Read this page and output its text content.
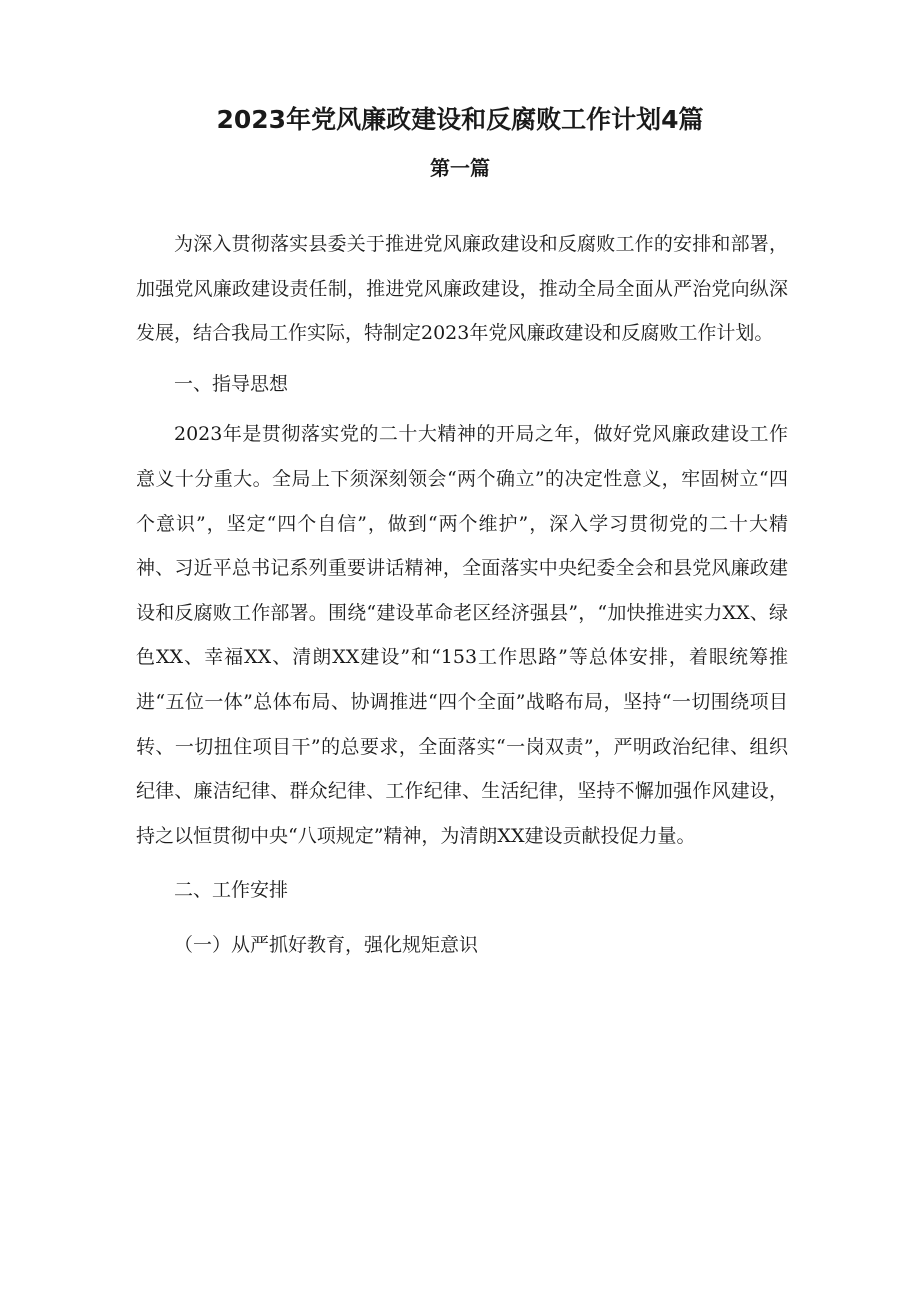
2023年党风廉政建设和反腐败工作计划4篇
第一篇

为深入贯彻落实县委关于推进党风廉政建设和反腐败工作的安排和部署，加强党风廉政建设责任制，推进党风廉政建设，推动全局全面从严治党向纵深发展，结合我局工作实际，特制定2023年党风廉政建设和反腐败工作计划。

一、指导思想

2023年是贯彻落实党的二十大精神的开局之年，做好党风廉政建设工作意义十分重大。全局上下须深刻领会“两个确立”的决定性意义，牢固树立“四个意识”，坚定“四个自信”，做到“两个维护”，深入学习贯彻党的二十大精神、习近平总书记系列重要讲话精神，全面落实中央纪委全会和县党风廉政建设和反腐败工作部署。围绕“建设革命老区经济强县”，“加快推进实力XX、绿色XX、幸福XX、清朗XX建设”和“153工作思路”等总体安排，着眼统筹推进“五位一体”总体布局、协调推进“四个全面”战略布局，坚持“一切围绕项目转、一切扭住项目干”的总要求，全面落实“一岗双责”，严明政治纪律、组织纪律、廉洁纪律、群众纪律、工作纪律、生活纪律，坚持不懈加强作风建设，持之以恒贯彻中央“八项规定”精神，为清朗XX建设贡献投促力量。

二、工作安排

（一）从严抓好教育，强化规矩意识
